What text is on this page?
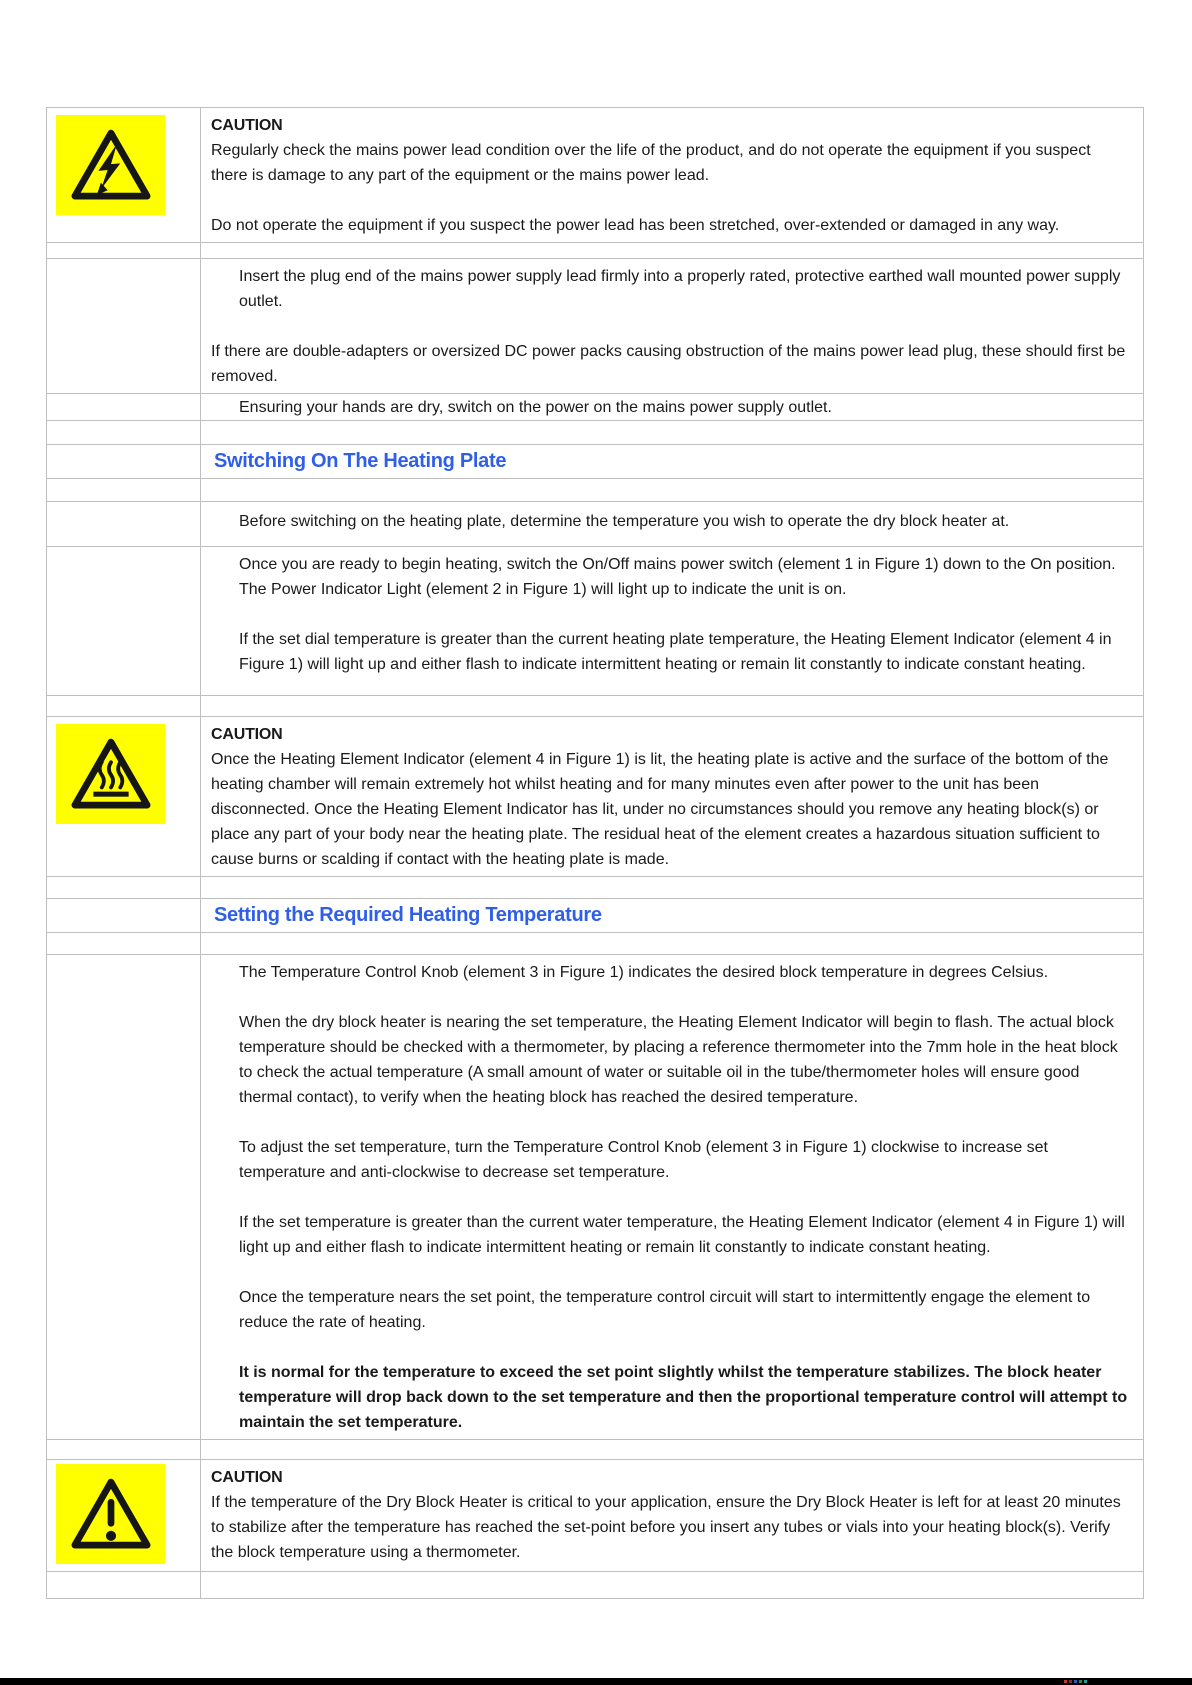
CAUTION

Regularly check the mains power lead condition over the life of the product, and do not operate the equipment if you suspect there is damage to any part of the equipment or the mains power lead.

Do not operate the equipment if you suspect the power lead has been stretched, over-extended or damaged in any way.

Insert the plug end of the mains power supply lead firmly into a properly rated, protective earthed wall mounted power supply outlet.

If there are double-adapters or oversized DC power packs causing obstruction of the mains power lead plug, these should first be removed.

Ensuring your hands are dry, switch on the power on the mains power supply outlet.

Switching On The Heating Plate

Before switching on the heating plate, determine the temperature you wish to operate the dry block heater at.

Once you are ready to begin heating, switch the On/Off mains power switch (element 1 in Figure 1) down to the On position. The Power Indicator Light (element 2 in Figure 1) will light up to indicate the unit is on.

If the set dial temperature is greater than the current heating plate temperature, the Heating Element Indicator (element 4 in Figure 1) will light up and either flash to indicate intermittent heating or remain lit constantly to indicate constant heating.

CAUTION

Once the Heating Element Indicator (element 4 in Figure 1) is lit, the heating plate is active and the surface of the bottom of the heating chamber will remain extremely hot whilst heating and for many minutes even after power to the unit has been disconnected. Once the Heating Element Indicator has lit, under no circumstances should you remove any heating block(s) or place any part of your body near the heating plate. The residual heat of the element creates a hazardous situation sufficient to cause burns or scalding if contact with the heating plate is made.

Setting the Required Heating Temperature

The Temperature Control Knob (element 3 in Figure 1) indicates the desired block temperature in degrees Celsius.

When the dry block heater is nearing the set temperature, the Heating Element Indicator will begin to flash. The actual block temperature should be checked with a thermometer, by placing a reference thermometer into the 7mm hole in the heat block to check the actual temperature (A small amount of water or suitable oil in the tube/thermometer holes will ensure good thermal contact), to verify when the heating block has reached the desired temperature.

To adjust the set temperature, turn the Temperature Control Knob (element 3 in Figure 1) clockwise to increase set temperature and anti-clockwise to decrease set temperature.

If the set temperature is greater than the current water temperature, the Heating Element Indicator (element 4 in Figure 1) will light up and either flash to indicate intermittent heating or remain lit constantly to indicate constant heating.

Once the temperature nears the set point, the temperature control circuit will start to intermittently engage the element to reduce the rate of heating.

It is normal for the temperature to exceed the set point slightly whilst the temperature stabilizes. The block heater temperature will drop back down to the set temperature and then the proportional temperature control will attempt to maintain the set temperature.

CAUTION

If the temperature of the Dry Block Heater is critical to your application, ensure the Dry Block Heater is left for at least 20 minutes to stabilize after the temperature has reached the set-point before you insert any tubes or vials into your heating block(s). Verify the block temperature using a thermometer.
